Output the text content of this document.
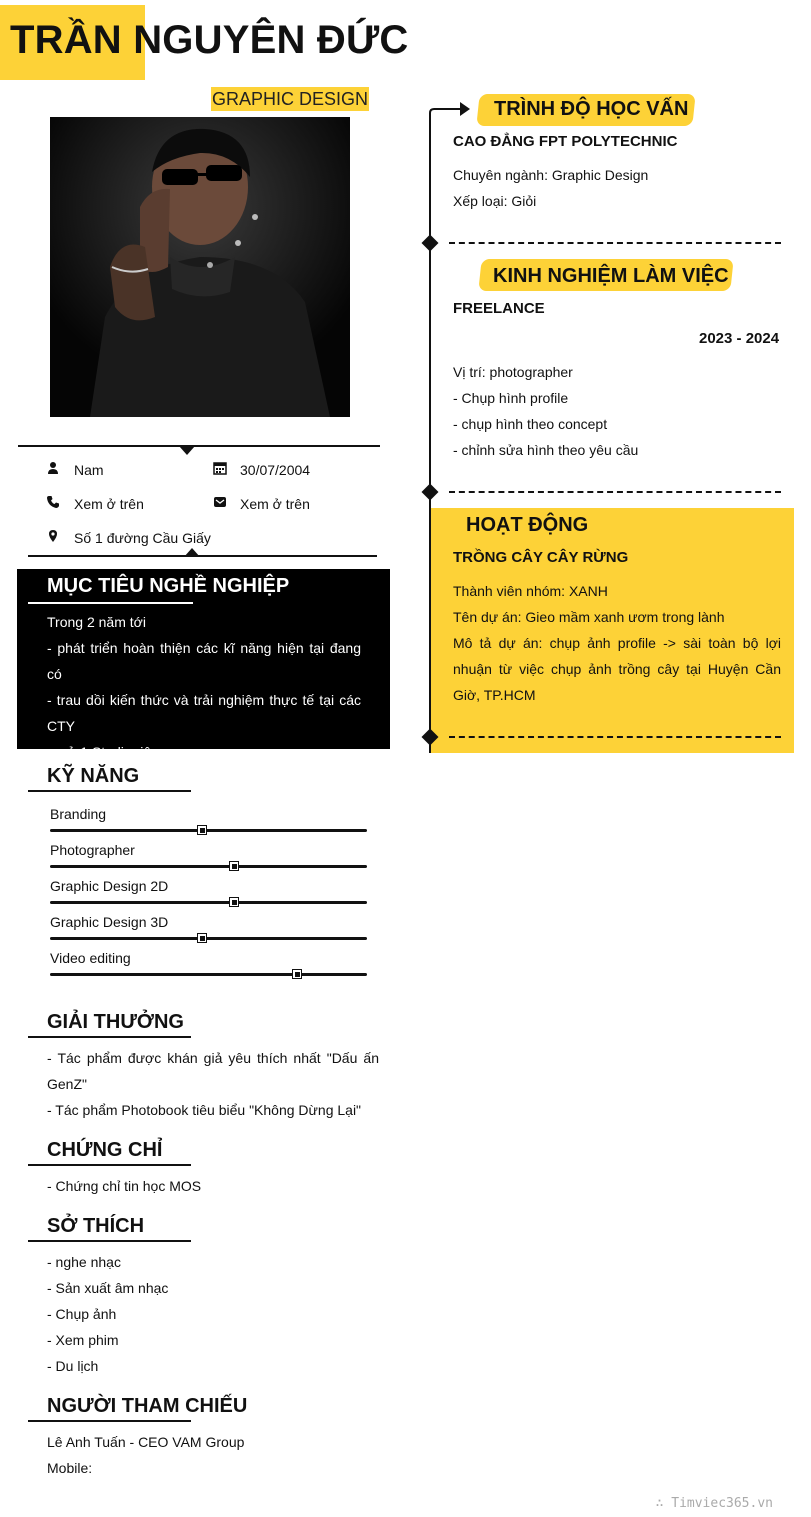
TRẦN NGUYÊN ĐỨC
GRAPHIC DESIGN
Nam	30/07/2004
Xem ở trên	Xem ở trên
Số 1 đường Cầu Giấy
MỤC TIÊU NGHỀ NGHIỆP
Trong 2 năm tới
- phát triển hoàn thiện các kĩ năng hiện tại đang có
- trau dồi kiến thức và trải nghiệm thực tế tại các CTY
- mở 1 Studio riêng
KỸ NĂNG
Branding
Photographer
Graphic Design 2D
Graphic Design 3D
Video editing
GIẢI THƯỞNG
- Tác phẩm được khán giả yêu thích nhất "Dấu ấn GenZ"
- Tác phẩm Photobook tiêu biểu "Không Dừng Lại"
CHỨNG CHỈ
- Chứng chỉ tin học MOS
SỞ THÍCH
- nghe nhạc
- Sản xuất âm nhạc
- Chụp ảnh
- Xem phim
- Du lịch
NGƯỜI THAM CHIẾU
Lê Anh Tuấn - CEO VAM Group
Mobile:
TRÌNH ĐỘ HỌC VẤN
CAO ĐẲNG FPT POLYTECHNIC
Chuyên ngành: Graphic Design
Xếp loại: Giỏi
KINH NGHIỆM LÀM VIỆC
FREELANCE
2023 - 2024
Vị trí: photographer
- Chụp hình profile
- chụp hình theo concept
- chỉnh sửa hình theo yêu cầu
HOẠT ĐỘNG
TRỒNG CÂY CÂY RỪNG
Thành viên nhóm: XANH
Tên dự án: Gieo mầm xanh ươm trong lành
Mô tả dự án: chụp ảnh profile -> sài toàn bộ lợi nhuận từ việc chụp ảnh trồng cây tại Huyện Cần Giờ, TP.HCM
∴ Timviec365.vn
